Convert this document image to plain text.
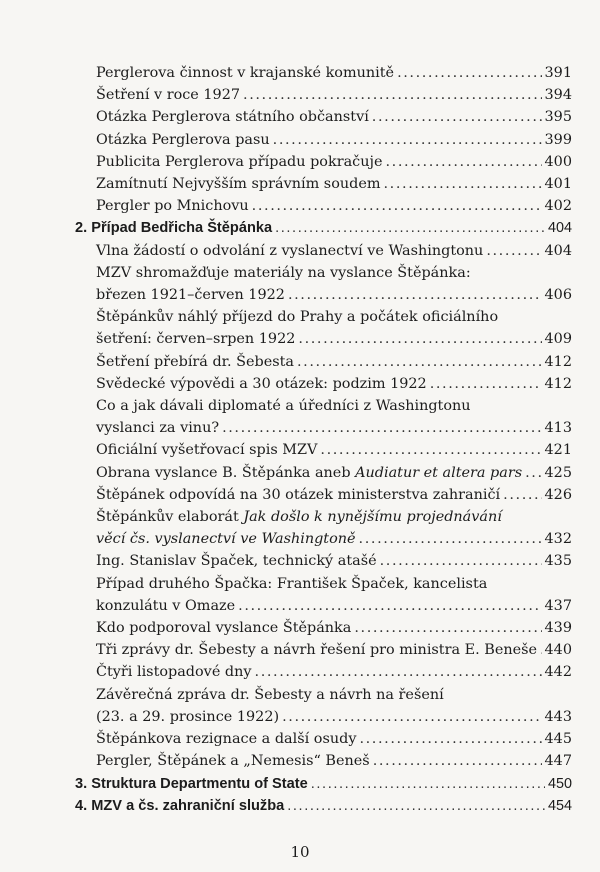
Perglerova činnost v krajanské komunitě .....	391
Šetření v roce 1927 .....	394
Otázka Perglerova státního občanství .....	395
Otázka Perglerova pasu .....	399
Publicita Perglerova případu pokračuje .....	400
Zamítnutí Nejvyšším správním soudem .....	401
Pergler po Mnichovu .....	402
2. Případ Bedřicha Štěpánka .....	404
Vlna žádostí o odvolání z vyslanectví ve Washingtonu .....	404
MZV shromažďuje materiály na vyslance Štěpánka:
březen 1921–červen 1922 .....	406
Štěpánkův náhlý příjezd do Prahy a počátek oficiálního
šetření: červen–srpen 1922 .....	409
Šetření přebírá dr. Šebesta .....	412
Svědecké výpovědi a 30 otázek: podzim 1922 .....	412
Co a jak dávali diplomaté a úředníci z Washingtonu
vyslanci za vinu? .....	413
Oficiální vyšetřovací spis MZV .....	421
Obrana vyslance B. Štěpánka aneb Audiatur et altera pars ..... 425
Štěpánek odpovídá na 30 otázek ministerstva zahraničí .....	426
Štěpánkův elaborát Jak došlo k nynějšímu projednávání
věcí čs. vyslanectví ve Washingtoně .....	432
Ing. Stanislav Špaček, technický atašé .....	435
Případ druhého Špačka: František Špaček, kancelista
konzulátu v Omaze .....	437
Kdo podporoval vyslance Štěpánka .....	439
Tři zprávy dr. Šebesty a návrh řešení pro ministra E. Beneše ..... 440
Čtyři listopadové dny .....	442
Závěrečná zpráva dr. Šebesty a návrh na řešení
(23. a 29. prosince 1922) .....	443
Štěpánkova rezignace a další osudy .....	445
Pergler, Štěpánek a „Nemesis“ Beneš .....	447
3. Struktura Departmentu of State .....	450
4. MZV a čs. zahraniční služba .....	454
10
